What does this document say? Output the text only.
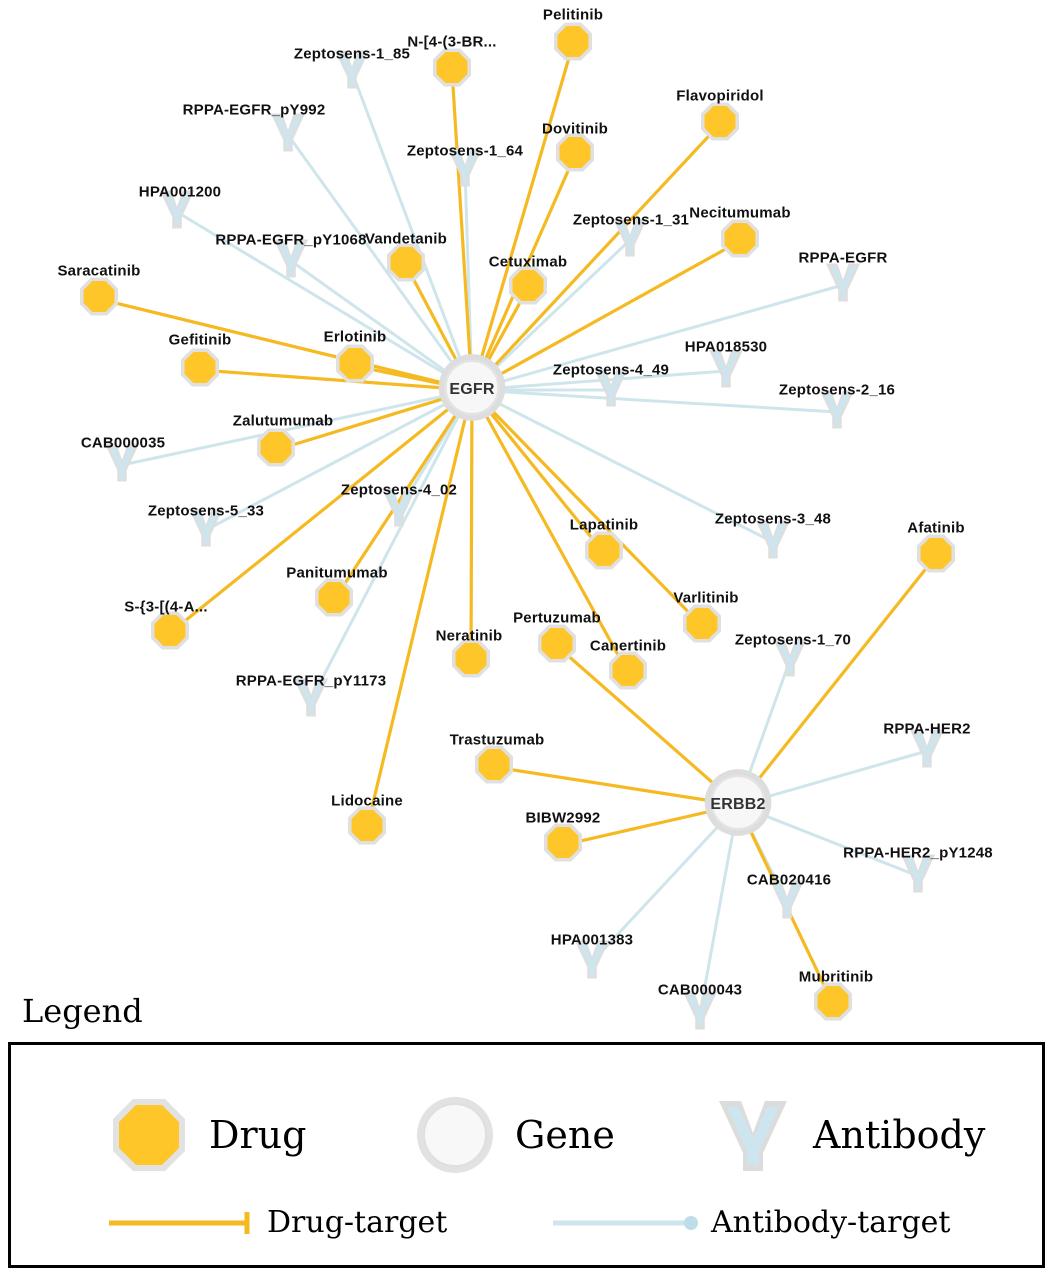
Pelitinib
N-[4-(3-BR...
Flavopiridol
Dovitinib
Necitumumab
Vandetanib
Cetuximab
Saracatinib
Gefitinib	Erlotinib
Zalutumumab
Afatinib
Lapatinib
Varlitinib
Panitumumab
S-{3-[(4-A...
Pertuzumab
Neratinib
Canertinib
Trastuzumab
Lidocaine
BIBW2992
Mubritinib
Zeptosens-1_85
RPPA-EGFR_pY992
Zeptosens-1_64
HPA001200
Zeptosens-1_31
RPPA-EGFR_pY1068
RPPA-EGFR
HPA018530
Zeptosens-4_49
Zeptosens-2_16
CAB000035
Zeptosens-4_02
Zeptosens-5_33	Zeptosens-3_48
Zeptosens-1_70
RPPA-EGFR_pY1173
RPPA-HER2
RPPA-HER2_pY1248
CAB020416
HPA001383
CAB000043
EGFR
ERBB2
Legend
Drug	Gene	Antibody
Drug-target	Antibody-target
